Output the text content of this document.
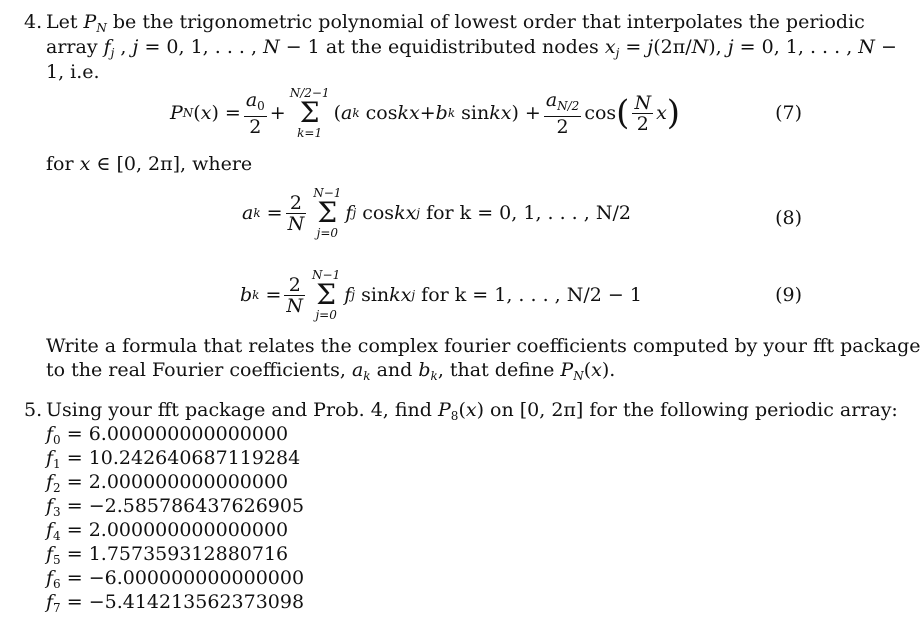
4. Let $P_N$ be the trigonometric polynomial of lowest order that interpolates the periodic
array $f_j$ , j = 0, 1, . . . , N − 1 at the equidistributed nodes $x_j = j(2\pi/N)$, j = 0, 1, . . . , N −
1, i.e.
P N ( x ) = $\frac{a_0}{2}$ +
N/2−1
Σ
k=1
( a k cos kx + b k sin kx ) + $\frac{a_{N/2}}{2}$ cos ( $\frac{N}{2}$ x )	(7)
for x ∈ [0, 2π], where
a $k = \frac{2}{N} N-1$
Σ
j=0
f j cos kx j
for k = 0, 1, . . . , N/2	(8)
b $k = \frac{2}{N} N-1$
Σ
j=0
f j sin kx j
for k = 1, . . . , N/2 − 1	(9)
Write a formula that relates the complex fourier coefficients computed by your fft package
to the real Fourier coefficients, $a_k$ and $b_k$, that define $P_N(x)$.
5. Using your fft package and Prob. 4, find $P_8(x)$ on [0, 2π] for the following periodic array:
$f_0 = 6.000000000000000$
$f_1 = 10.242640687119284$
$f_2 = 2.000000000000000$
$f_3 = -2.585786437626905$
$f_4 = 2.000000000000000$
$f_5 = 1.757359312880716$
$f_6 = -6.000000000000000$
$f_7 = -5.414213562373098$
